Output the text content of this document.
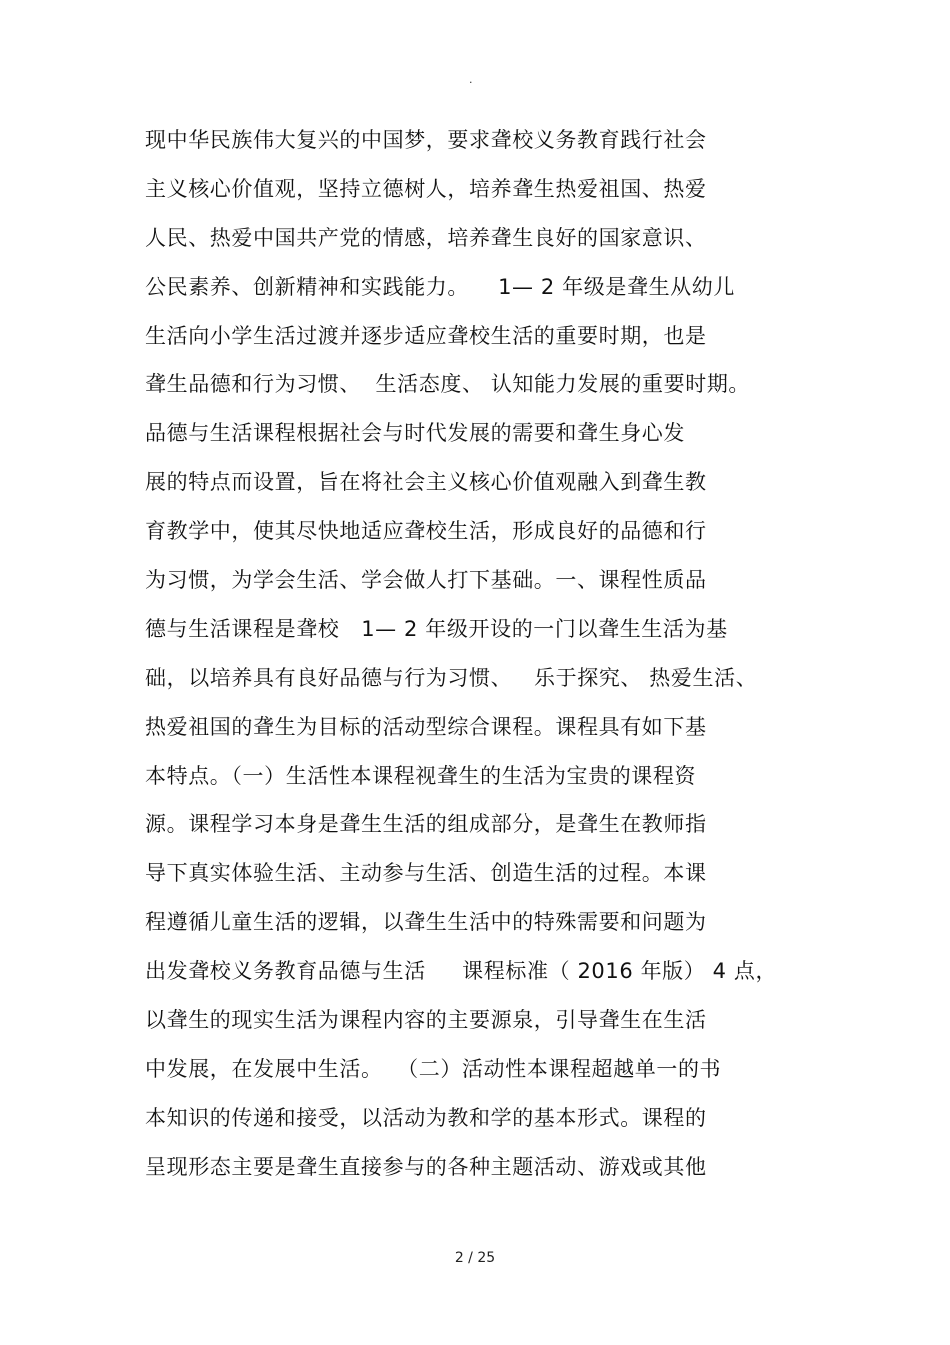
.
现中华民族伟大复兴的中国梦，要求聋校义务教育践行社会
主义核心价值观，坚持立德树人，培养聋生热爱祖国、热爱
人民、热爱中国共产党的情感，培养聋生良好的国家意识、
公民素养、创新精神和实践能力。    1— 2 年级是聋生从幼儿
生活向小学生活过渡并逐步适应聋校生活的重要时期，也是
聋生品德和行为习惯、  生活态度、 认知能力发展的重要时期。
品德与生活课程根据社会与时代发展的需要和聋生身心发
展的特点而设置，旨在将社会主义核心价值观融入到聋生教
育教学中，使其尽快地适应聋校生活，形成良好的品德和行
为习惯，为学会生活、学会做人打下基础。一、课程性质品
德与生活课程是聋校   1— 2 年级开设的一门以聋生生活为基
础，以培养具有良好品德与行为习惯、   乐于探究、 热爱生活、
热爱祖国的聋生为目标的活动型综合课程。课程具有如下基
本特点。（一）生活性本课程视聋生的生活为宝贵的课程资
源。课程学习本身是聋生生活的组成部分，是聋生在教师指
导下真实体验生活、主动参与生活、创造生活的过程。本课
程遵循儿童生活的逻辑，以聋生生活中的特殊需要和问题为
出发聋校义务教育品德与生活     课程标准（ 2016 年版） 4 点，
以聋生的现实生活为课程内容的主要源泉，引导聋生在生活
中发展，在发展中生活。  （二）活动性本课程超越单一的书
本知识的传递和接受，以活动为教和学的基本形式。课程的
呈现形态主要是聋生直接参与的各种主题活动、游戏或其他
2 / 25
